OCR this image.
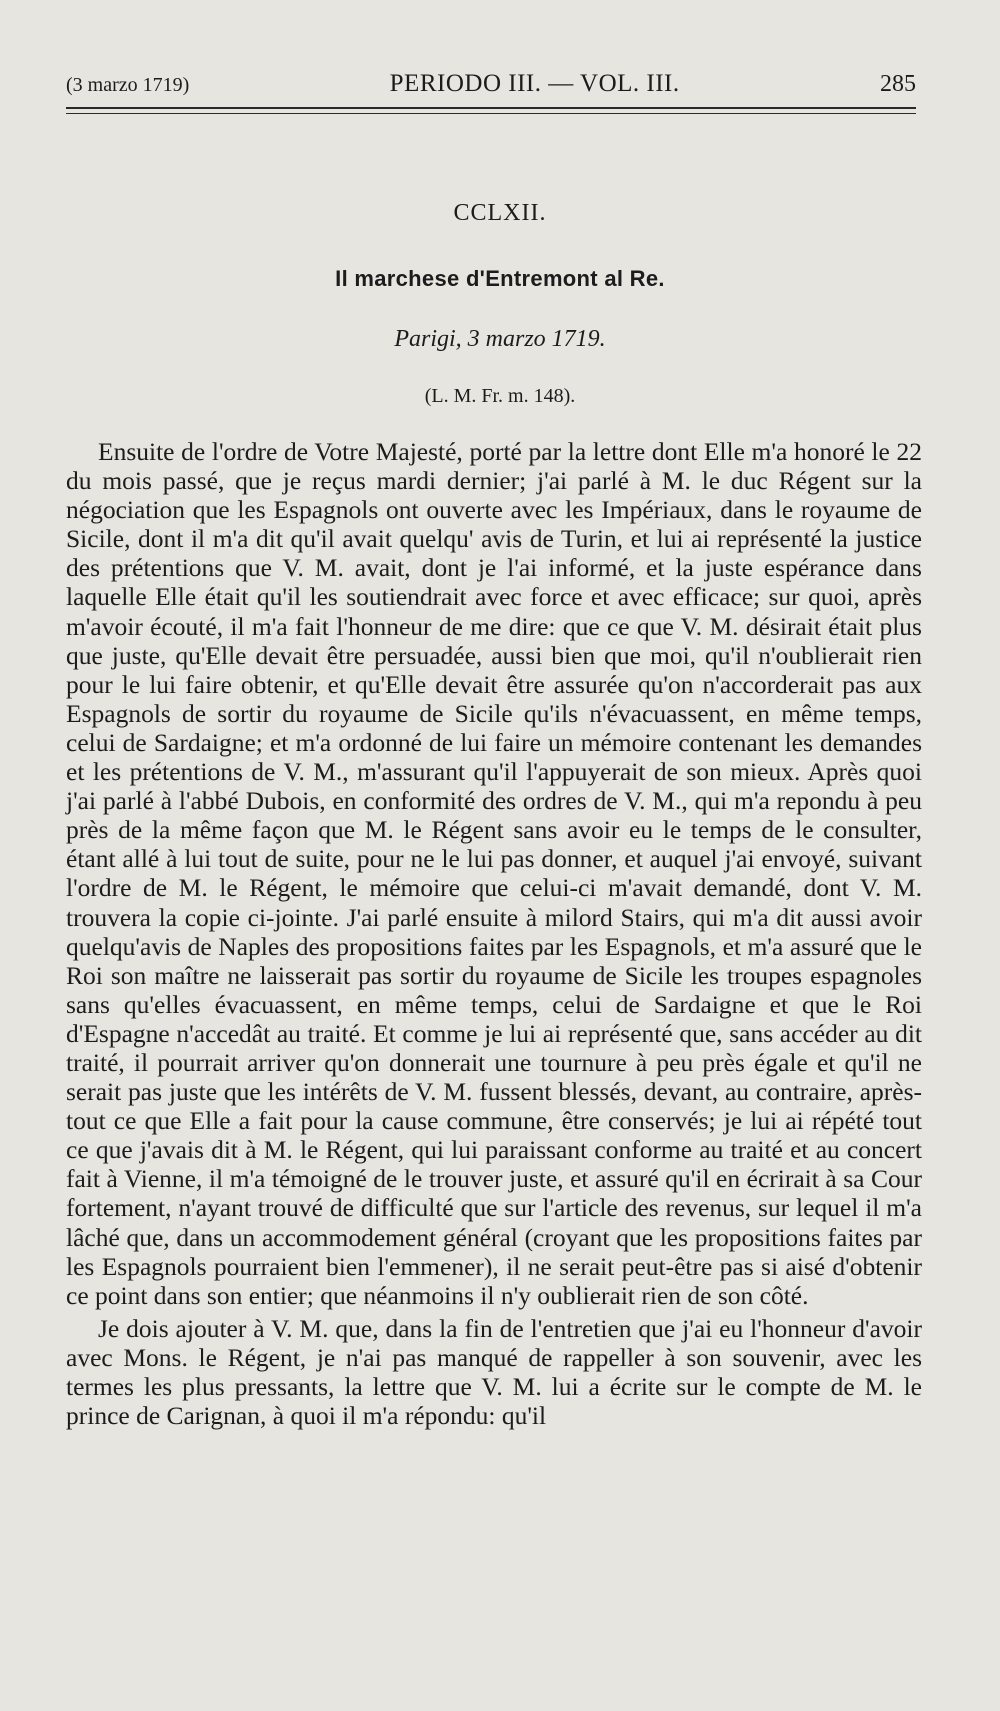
(3 marzo 1719)	PERIODO III. — VOL. III.	285
CCLXII.
Il marchese d'Entremont al Re.
Parigi, 3 marzo 1719.
(L. M. Fr. m. 148).

Ensuite de l'ordre de Votre Majesté, porté par la lettre dont Elle m'a honoré le 22 du mois passé, que je reçus mardi dernier; j'ai parlé à M. le duc Régent sur la négociation que les Espagnols ont ouverte avec les Impériaux, dans le royaume de Sicile, dont il m'a dit qu'il avait quelqu' avis de Turin, et lui ai représenté la justice des prétentions que V. M. avait, dont je l'ai informé, et la juste espérance dans laquelle Elle était qu'il les soutiendrait avec force et avec efficace; sur quoi, après m'avoir écouté, il m'a fait l'honneur de me dire: que ce que V. M. désirait était plus que juste, qu'Elle devait être persuadée, aussi bien que moi, qu'il n'oublierait rien pour le lui faire obtenir, et qu'Elle devait être assurée qu'on n'accorderait pas aux Espagnols de sortir du royaume de Sicile qu'ils n'évacuassent, en même temps, celui de Sardaigne; et m'a ordonné de lui faire un mémoire contenant les demandes et les prétentions de V. M., m'assurant qu'il l'appuyerait de son mieux. Après quoi j'ai parlé à l'abbé Dubois, en conformité des ordres de V. M., qui m'a repondu à peu près de la même façon que M. le Régent sans avoir eu le temps de le consulter, étant allé à lui tout de suite, pour ne le lui pas donner, et auquel j'ai envoyé, suivant l'ordre de M. le Régent, le mémoire que celui-ci m'avait demandé, dont V. M. trouvera la copie ci-jointe. J'ai parlé ensuite à milord Stairs, qui m'a dit aussi avoir quelqu'avis de Naples des propositions faites par les Espagnols, et m'a assuré que le Roi son maître ne laisserait pas sortir du royaume de Sicile les troupes espagnoles sans qu'elles évacuassent, en même temps, celui de Sardaigne et que le Roi d'Espagne n'accedât au traité. Et comme je lui ai représenté que, sans accéder au dit traité, il pourrait arriver qu'on donnerait une tournure à peu près égale et qu'il ne serait pas juste que les intérêts de V. M. fussent blessés, devant, au contraire, après-tout ce que Elle a fait pour la cause commune, être conservés; je lui ai répété tout ce que j'avais dit à M. le Régent, qui lui paraissant conforme au traité et au concert fait à Vienne, il m'a témoigné de le trouver juste, et assuré qu'il en écrirait à sa Cour fortement, n'ayant trouvé de difficulté que sur l'article des revenus, sur lequel il m'a lâché que, dans un accommodement général (croyant que les propositions faites par les Espagnols pourraient bien l'emmener), il ne serait peut-être pas si aisé d'obtenir ce point dans son entier; que néanmoins il n'y oublierait rien de son côté.

Je dois ajouter à V. M. que, dans la fin de l'entretien que j'ai eu l'honneur d'avoir avec Mons. le Régent, je n'ai pas manqué de rappeller à son souvenir, avec les termes les plus pressants, la lettre que V. M. lui a écrite sur le compte de M. le prince de Carignan, à quoi il m'a répondu: qu'il
